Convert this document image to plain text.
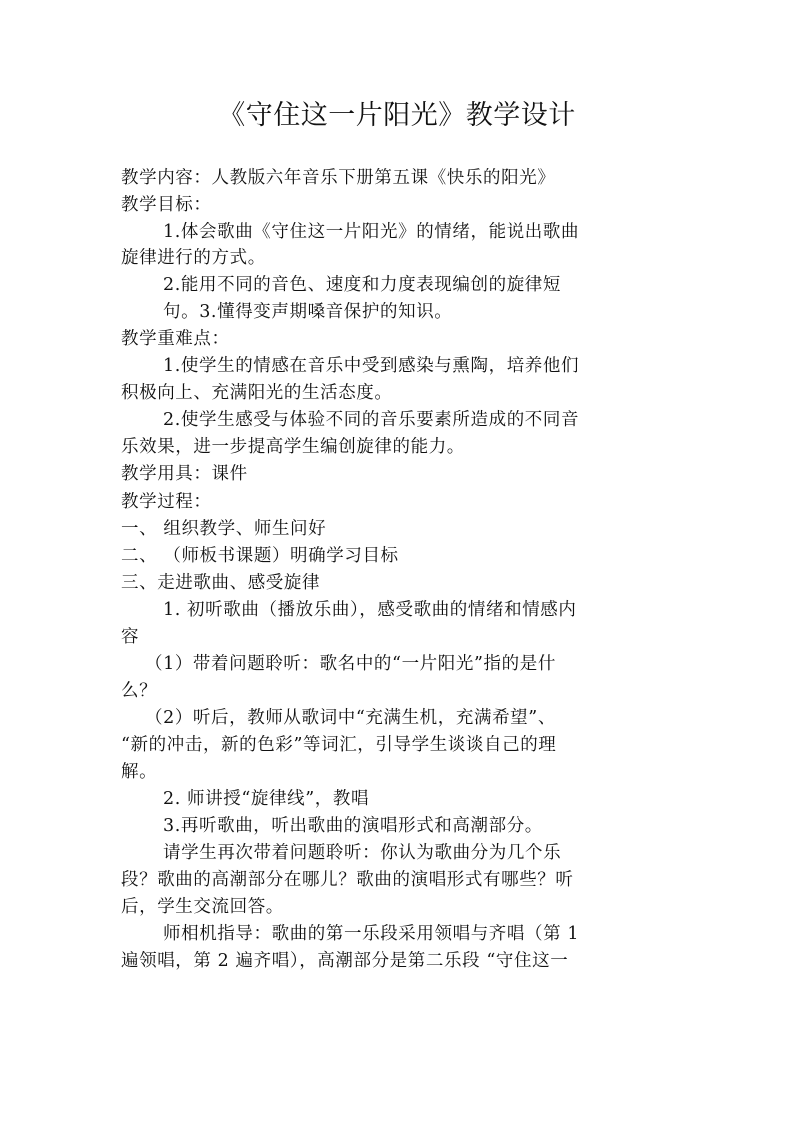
《守住这一片阳光》教学设计

教学内容：人教版六年音乐下册第五课《快乐的阳光》

教学目标：

1.体会歌曲《守住这一片阳光》的情绪，能说出歌曲

旋律进行的方式。

2.能用不同的音色、速度和力度表现编创的旋律短

句。3.懂得变声期嗓音保护的知识。

教学重难点：

1.使学生的情感在音乐中受到感染与熏陶，培养他们

积极向上、充满阳光的生活态度。

2.使学生感受与体验不同的音乐要素所造成的不同音

乐效果，进一步提高学生编创旋律的能力。

教学用具：课件

教学过程：

一、 组织教学、师生问好

二、 （师板书课题）明确学习目标

三、走进歌曲、感受旋律

1. 初听歌曲（播放乐曲），感受歌曲的情绪和情感内

容

（1）带着问题聆听：歌名中的“一片阳光”指的是什

么？

（2）听后，教师从歌词中“充满生机，充满希望”、

“新的冲击，新的色彩”等词汇，引导学生谈谈自己的理

解。

2. 师讲授“旋律线”，教唱

3.再听歌曲，听出歌曲的演唱形式和高潮部分。

请学生再次带着问题聆听：你认为歌曲分为几个乐

段？歌曲的高潮部分在哪儿？歌曲的演唱形式有哪些？听

后，学生交流回答。

师相机指导：歌曲的第一乐段采用领唱与齐唱（第 1

遍领唱，第 2 遍齐唱），高潮部分是第二乐段 “守住这一
